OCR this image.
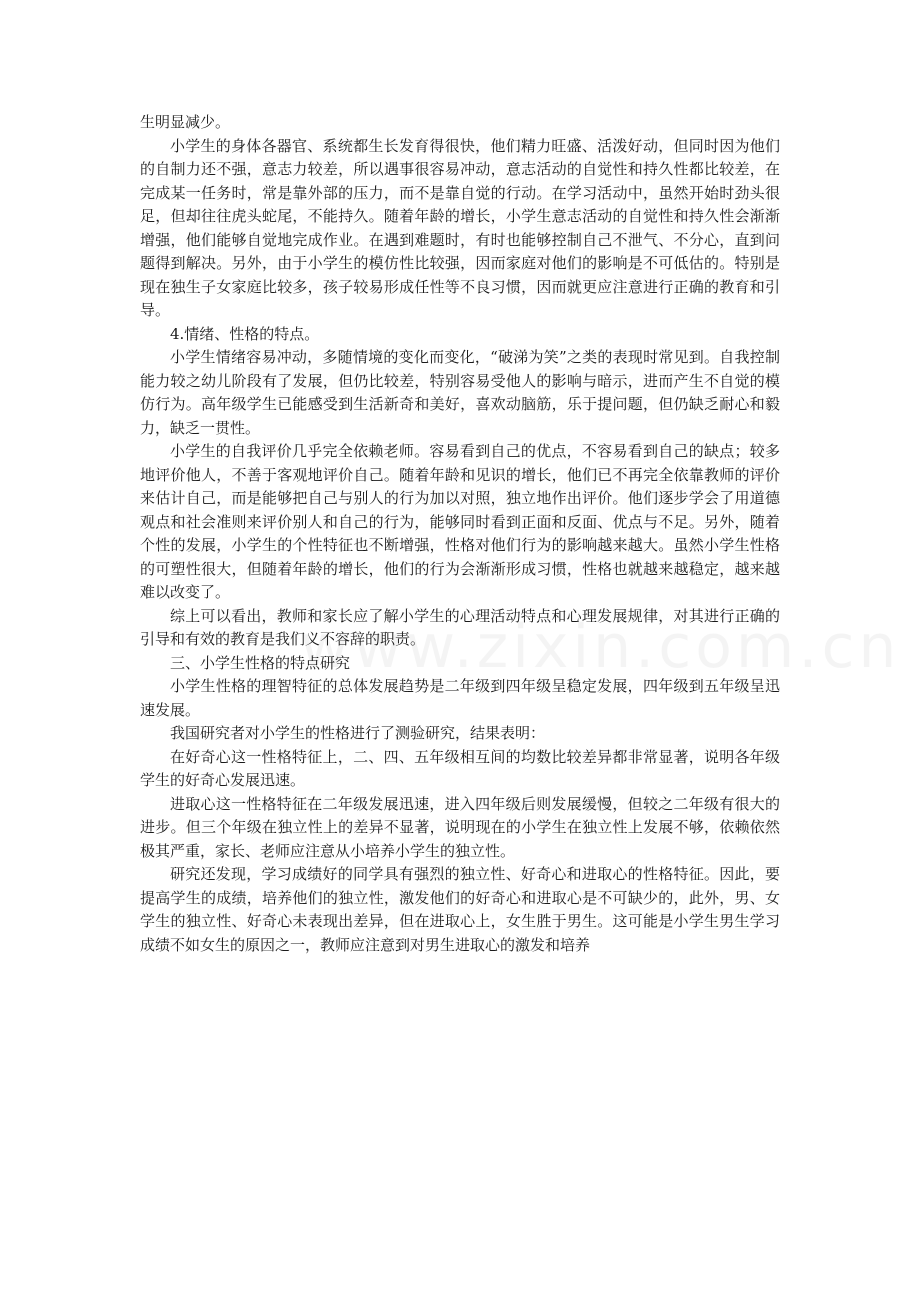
生明显减少。

小学生的身体各器官、系统都生长发育得很快，他们精力旺盛、活泼好动，但同时因为他们的自制力还不强，意志力较差，所以遇事很容易冲动，意志活动的自觉性和持久性都比较差，在完成某一任务时，常是靠外部的压力，而不是靠自觉的行动。在学习活动中，虽然开始时劲头很足，但却往往虎头蛇尾，不能持久。随着年龄的增长，小学生意志活动的自觉性和持久性会渐渐增强，他们能够自觉地完成作业。在遇到难题时，有时也能够控制自己不泄气、不分心，直到问题得到解决。另外，由于小学生的模仿性比较强，因而家庭对他们的影响是不可低估的。特别是现在独生子女家庭比较多，孩子较易形成任性等不良习惯，因而就更应注意进行正确的教育和引导。

4.情绪、性格的特点。

小学生情绪容易冲动，多随情境的变化而变化，“破涕为笑”之类的表现时常见到。自我控制能力较之幼儿阶段有了发展，但仍比较差，特别容易受他人的影响与暗示，进而产生不自觉的模仿行为。高年级学生已能感受到生活新奇和美好，喜欢动脑筋，乐于提问题，但仍缺乏耐心和毅力，缺乏一贯性。

小学生的自我评价几乎完全依赖老师。容易看到自己的优点，不容易看到自己的缺点；较多地评价他人，不善于客观地评价自己。随着年龄和见识的增长，他们已不再完全依靠教师的评价来估计自己，而是能够把自己与别人的行为加以对照，独立地作出评价。他们逐步学会了用道德观点和社会准则来评价别人和自己的行为，能够同时看到正面和反面、优点与不足。另外，随着个性的发展，小学生的个性特征也不断增强，性格对他们行为的影响越来越大。虽然小学生性格的可塑性很大，但随着年龄的增长，他们的行为会渐渐形成习惯，性格也就越来越稳定，越来越难以改变了。

综上可以看出，教师和家长应了解小学生的心理活动特点和心理发展规律，对其进行正确的引导和有效的教育是我们义不容辞的职责。

三、小学生性格的特点研究

小学生性格的理智特征的总体发展趋势是二年级到四年级呈稳定发展，四年级到五年级呈迅速发展。

我国研究者对小学生的性格进行了测验研究，结果表明：

在好奇心这一性格特征上，二、四、五年级相互间的均数比较差异都非常显著，说明各年级学生的好奇心发展迅速。

进取心这一性格特征在二年级发展迅速，进入四年级后则发展缓慢，但较之二年级有很大的进步。但三个年级在独立性上的差异不显著，说明现在的小学生在独立性上发展不够，依赖依然极其严重，家长、老师应注意从小培养小学生的独立性。

研究还发现，学习成绩好的同学具有强烈的独立性、好奇心和进取心的性格特征。因此，要提高学生的成绩，培养他们的独立性，激发他们的好奇心和进取心是不可缺少的，此外，男、女学生的独立性、好奇心未表现出差异，但在进取心上，女生胜于男生。这可能是小学生男生学习成绩不如女生的原因之一，教师应注意到对男生进取心的激发和培养
